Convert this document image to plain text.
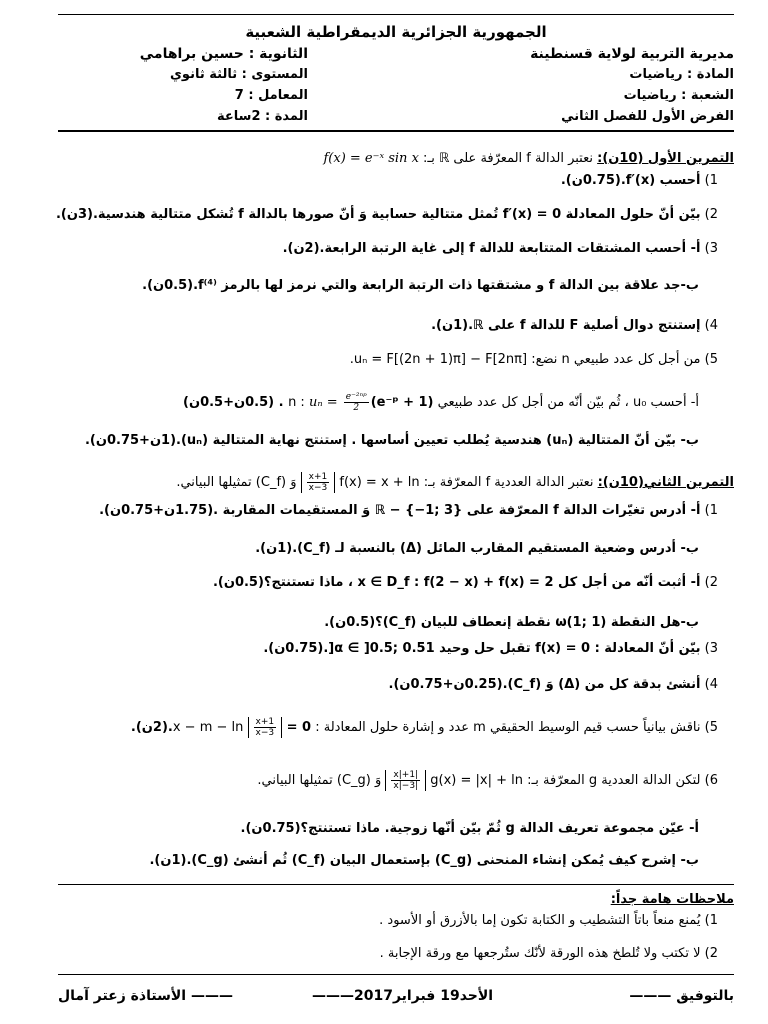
الجمهورية الجزائرية الديمقراطية الشعبية
مديرية التربية لولاية قسنطينة
الثانوية : حسين براهامي
المادة : رياضيات
المستوى : ثالثة ثانوي
الشعبة : رياضيات
المعامل : 7
الفرض الأول للفصل الثاني
المدة : 2ساعة
التمرين الأول (10ن): نعتبر الدالة f المعرّفة على ℝ بـ: f(x) = e⁻ˣ sin x
1) أحسب f′(x).(0.75ن).
2) بيّن أنّ حلول المعادلة f′(x) = 0 تُمثل متتالية حسابية وَ أنّ صورها بالدالة f تُشكل متتالية هندسية.(3ن).
3) أ- أحسب المشتقات المتتابعة للدالة f إلى غاية الرتبة الرابعة.(2ن).
ب-جد علاقة بين الدالة f و مشتقتها ذات الرتبة الرابعة والتي نرمز لها بالرمز f⁽⁴⁾.(0.5ن).
4) إستنتج دوال أصلية F للدالة f على ℝ.(1ن).
5) من أجل كل عدد طبيعي n نضع: uₙ = F[(2n + 1)π] − F[2nπ].
أ- أحسب u₀ ، ثُم بيّن أنّه من أجل كل عدد طبيعي n : $u_n = \frac{\text{e⁻²ⁿᵖ}}{2}$
(e⁻ᵖ + 1) . (0.5ن+0.5ن)
ب- بيّن أنّ المتتالية (uₙ) هندسية يُطلب تعيين أساسها . إستنتج نهاية المتتالية (uₙ).(1ن+0.75ن).
التمرين الثاني(10ن): نعتبر الدالة العددية f المعرّفة بـ: f(x) = x + ln
$\frac{x+1}{x-3}$
وَ (C_f) تمثيلها البياني.
1) أ- أدرس تغيّرات الدالة f المعرّفة على ℝ − {−1; 3} وَ المستقيمات المقاربة .(1.75ن+0.75ن).
ب- أدرس وضعية المستقيم المقارب المائل (Δ) بالنسبة لـ (C_f).(1ن).
2) أ- أثبت أنّه من أجل كل x ∈ D_f : f(2 − x) + f(x) = 2 ، ماذا تستنتج؟(0.5ن).
ب-هل النقطة ω(1; 1) نقطة إنعطاف للبيان (C_f)؟(0.5ن).
3) بيّن أنّ المعادلة : f(x) = 0 تقبل حل وحيد α ∈ ]0.5; 0.51[.(0.75ن).
4) أنشئ بدقة كل من (Δ) وَ (C_f).(0.25ن+0.75ن).
5) ناقش بيانياً حسب قيم الوسيط الحقيقي m عدد و إشارة حلول المعادلة : x − m − ln
$\frac{x+1}{x-3}$
= 0.(2ن).
6) لتكن الدالة العددية g المعرّفة بـ: g(x) = |x| + ln
$\frac{|x|+1}{|x|-3}$
وَ (C_g) تمثيلها البياني.
أ- عيّن مجموعة تعريف الدالة g ثُمّ بيّن أنّها زوجية. ماذا تستنتج؟(0.75ن).
ب- إشرح كيف يُمكن إنشاء المنحنى (C_g) بإستعمال البيان (C_f) ثُم أنشئ (C_g).(1ن).
ملاحظات هامة جداً:
1) يُمنع منعاً باتاً التشطيب و الكتابة تكون إما بالأزرق أو الأسود .
2) لا تكتب ولا تُلطخ هذه الورقة لأنّك ستُرجعها مع ورقة الإجابة .
بالتوفيق ———
الأحد19 فبراير2017———
——— الأستاذة زعتر آمال
